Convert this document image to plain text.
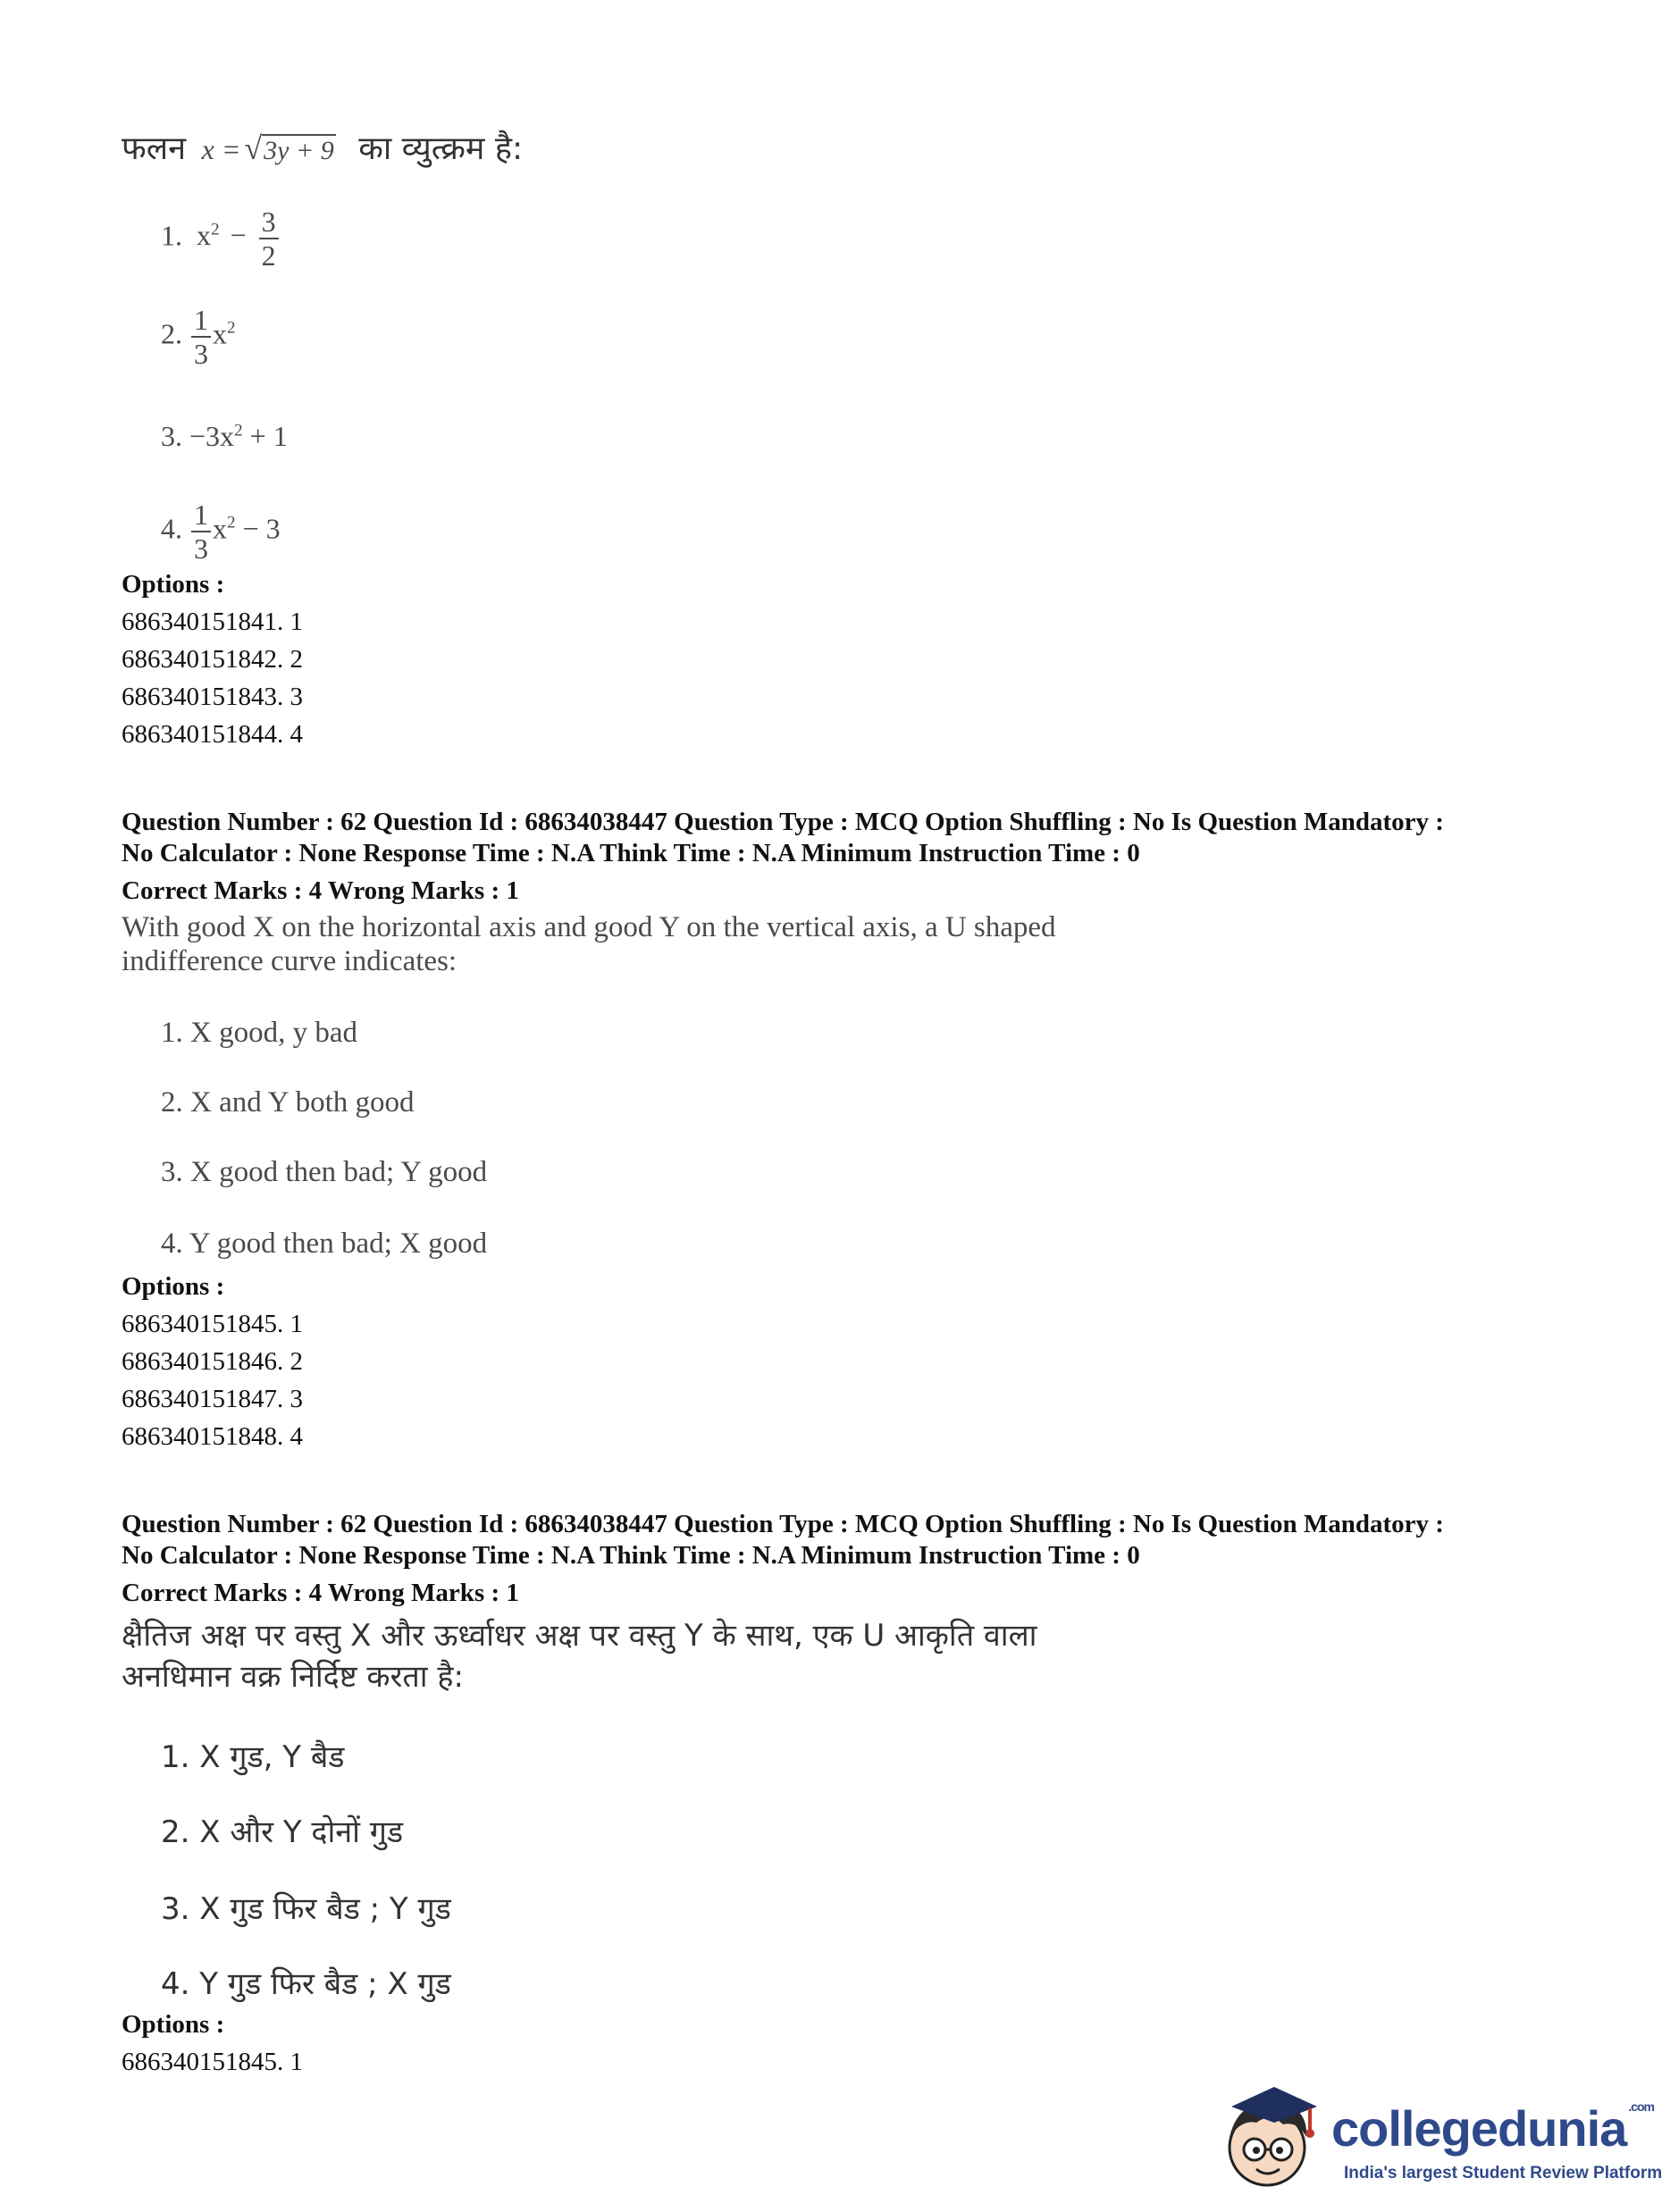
फलन x = √3y + 9 का व्युत्क्रम है:
1. $x^2 - \frac{3}{2}$
2. $\frac{1}{3} x^2$
3. $-3x^2 + 1$
4. $\frac{1}{3} x^2 - 3$
Options :
686340151841. 1
686340151842. 2
686340151843. 3
686340151844. 4
Question Number : 62 Question Id : 68634038447 Question Type : MCQ Option Shuffling : No Is Question Mandatory :
No Calculator : None Response Time : N.A Think Time : N.A Minimum Instruction Time : 0
Correct Marks : 4 Wrong Marks : 1
With good X on the horizontal axis and good Y on the vertical axis, a U shaped
indifference curve indicates:
1. X good, y bad
2. X and Y both good
3. X good then bad; Y good
4. Y good then bad; X good
Options :
686340151845. 1
686340151846. 2
686340151847. 3
686340151848. 4
Question Number : 62 Question Id : 68634038447 Question Type : MCQ Option Shuffling : No Is Question Mandatory :
No Calculator : None Response Time : N.A Think Time : N.A Minimum Instruction Time : 0
Correct Marks : 4 Wrong Marks : 1
क्षैतिज अक्ष पर वस्तु X और ऊर्ध्वाधर अक्ष पर वस्तु Y के साथ, एक U आकृति वाला
अनधिमान वक्र निर्दिष्ट करता है:
1. X गुड, Y बैड
2. X और Y दोनों गुड
3. X गुड फिर बैड ; Y गुड
4. Y गुड फिर बैड ; X गुड
Options :
686340151845. 1
collegedunia $^{.com}$
India's largest Student Review Platform
